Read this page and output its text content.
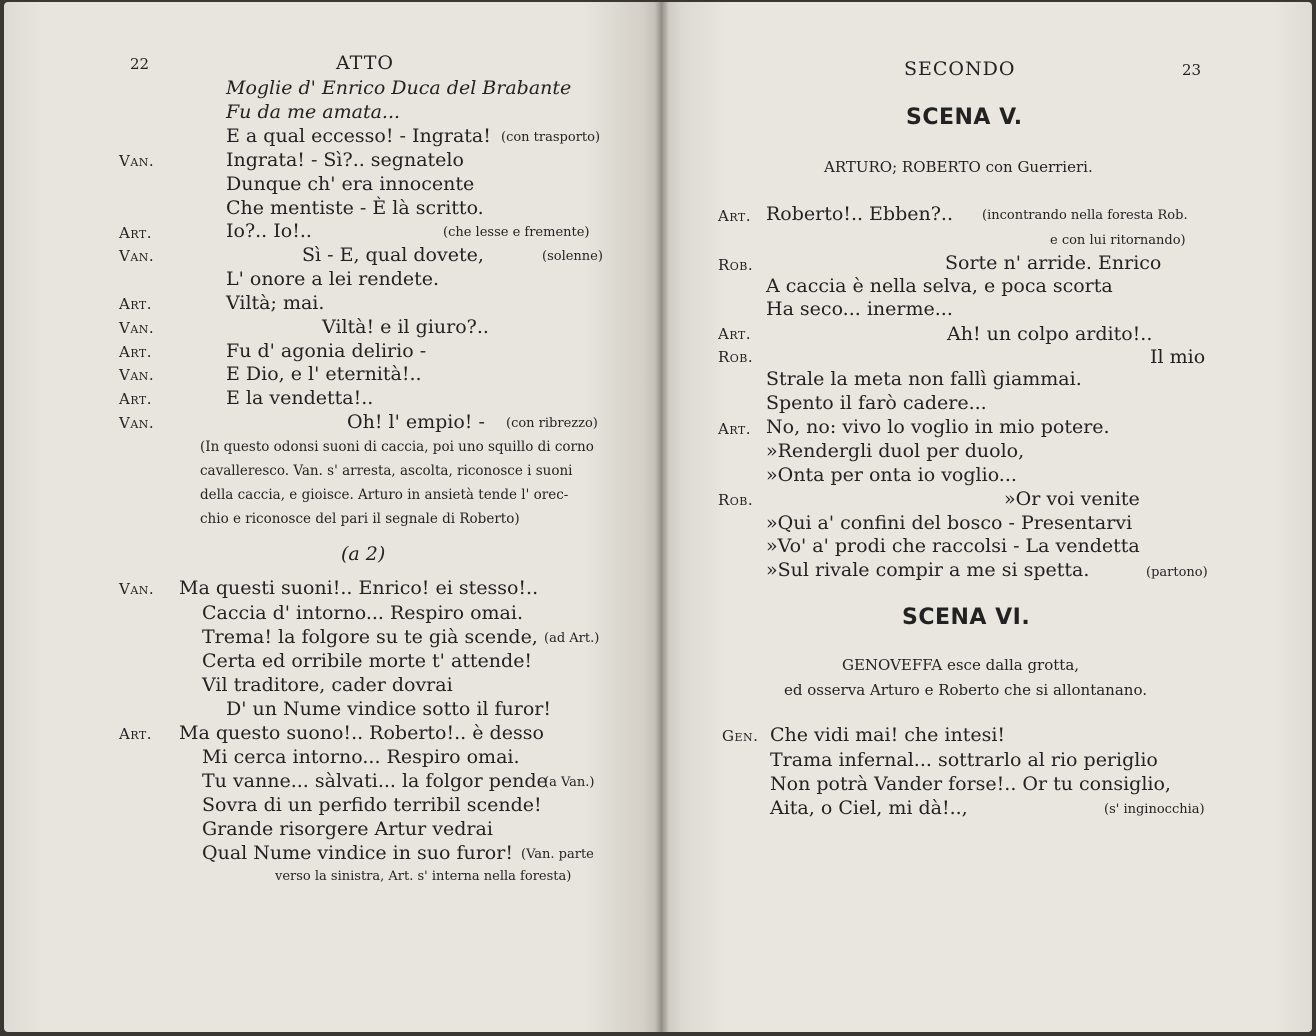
22	ATTO
Moglie d' Enrico Duca del Brabante
Fu da me amata...
E a qual eccesso! - Ingrata! (con trasporto)
Van.	Ingrata! - Sì?.. segnatelo
Dunque ch' era innocente
Che mentiste - È là scritto.
Art.	Io?.. Io!..	(che lesse e fremente)
Van.	Sì - E, qual dovete,	(solenne)
L' onore a lei rendete.
Art.	Viltà; mai.
Van.	Viltà! e il giuro?..
Art.	Fu d' agonia delirio -
Van.	E Dio, e l' eternità!..
Art.	E la vendetta!..
Van.	Oh! l' empio! - (con ribrezzo)
(In questo odonsi suoni di caccia, poi uno squillo di corno
cavalleresco. Van. s' arresta, ascolta, riconosce i suoni
della caccia, e gioisce. Arturo in ansietà tende l' orec-
chio e riconosce del pari il segnale di Roberto)
(a 2)
Van. Ma questi suoni!.. Enrico! ei stesso!..
Caccia d' intorno... Respiro omai.
Trema! la folgore su te già scende, (ad Art.)
Certa ed orribile morte t' attende!
Vil traditore, cader dovrai
D' un Nume vindice sotto il furor!
Art. Ma questo suono!.. Roberto!.. è desso
Mi cerca intorno... Respiro omai.
Tu vanne... sàlvati... la folgor pende
(a Van.)
Sovra di un perfido terribil scende!
Grande risorgere Artur vedrai
Qual Nume vindice in suo furor! (Van. parte
verso la sinistra, Art. s' interna nella foresta)
SECONDO	23
SCENA V.
ARTURO; ROBERTO con Guerrieri.
Art. Roberto!.. Ebben?.. (incontrando nella foresta Rob.
e con lui ritornando)
Rob.	Sorte n' arride. Enrico
A caccia è nella selva, e poca scorta
Ha seco... inerme...
Art.	Ah! un colpo ardito!..
Rob.	Il mio
Strale la meta non fallì giammai.
Spento il farò cadere...
Art. No, no: vivo lo voglio in mio potere.
»Rendergli duol per duolo,
»Onta per onta io voglio...
Rob.	»Or voi venite
»Qui a' confini del bosco - Presentarvi
»Vo' a' prodi che raccolsi - La vendetta
»Sul rivale compir a me si spetta.	(partono)
SCENA VI.
GENOVEFFA esce dalla grotta,
ed osserva Arturo e Roberto che si allontanano.
Gen. Che vidi mai! che intesi!
Trama infernal... sottrarlo al rio periglio
Non potrà Vander forse!.. Or tu consiglio,
Aita, o Ciel, mi dà!..,	(s' inginocchia)
